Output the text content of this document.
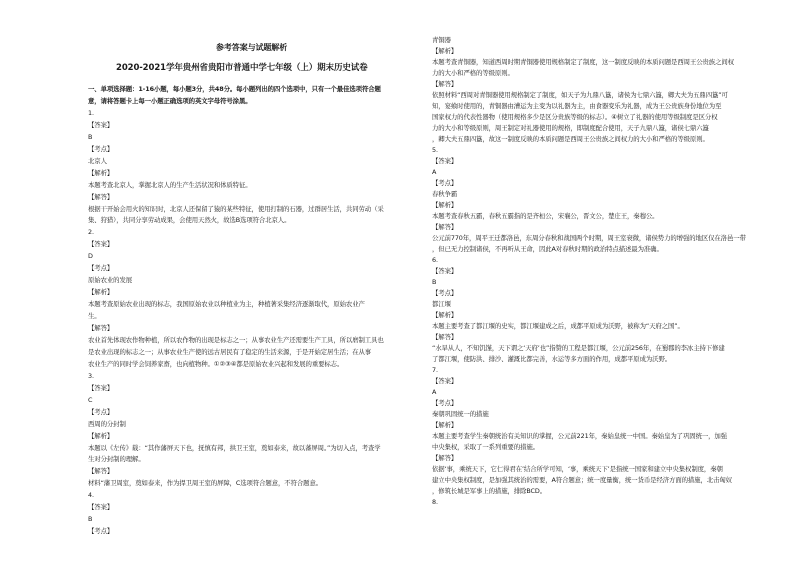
参考答案与试题解析
2020-2021学年贵州省贵阳市普通中学七年级（上）期末历史试卷
一、单项选择题：1-16小题，每小题3分，共48分。每小题列出的四个选项中，只有一个最佳选项符合题
意，请将答题卡上每一小题正确选项的英文字母符号涂黑。
1.
【答案】
B
【考点】
北京人
【解析】
本题考查北京人，掌握北京人的生产生活状况和体质特征。
【解答】
根据干开始会用火的知识时，北京人还保留了猿的某些特征，使用打制的石器，过群居生活，共同劳动（采
集、狩猎），共同分享劳动成果，会使用天然火，故选B选项符合北京人。
2.
【答案】
D
【考点】
原始农业的发展
【解析】
本题考查原始农业出现的标志，我国原始农业以种植业为主，种植著采集经济逐渐取代，原始农业产
生。
【解答】
农业首先体现农作物种植，所以农作物的出现是标志之一；从事农业生产还需要生产工具，所以磨制工具也
是农业出现的标志之一；从事农业生产使的远古居民有了稳定的生活来源，于是开始定居生活；在从事
农业生产的同时学会饲养家畜，也向植物种。①②③④都是原始农业兴起和发展的重要标志。
3.
【答案】
C
【考点】
西周的分封制
【解析】
本题以《左传》载：“其作藩屏天下也，抚慎有邦，拱卫王室，奠如泰来，故以蕃屏周。”为切入点，考查学
生对分封制的理解。
【解答】
材料“藩卫周室，奠如泰来，作为捍卫周王室的屏障，C选项符合题意，不符合题意。
4.
【答案】
B
【考点】
青铜器
【解析】
本题考查青铜器，知道西周时期青铜器使用规格制定了制度，这一制度反映的本质问题是西周王公贵族之间权
力的大小和严格的等级原则。
【解答】
依照材料“西周对青铜器使用规格制定了制度，如天子为九鼎八簋，诸侯为七鼎六簋，卿大夫为五鼎四簋”可
知，宴飨时使用的，青铜器由漕运为主变为以礼器为主，由食器变乐为礼器，成为王公贵族身份地位为至
国家权力的代表性器物（使用规格多少是区分贵族等级的标志）。④树立了礼器的使用等级制度是区分权
力的大小和等级原则，周王制定对礼器使用的规格，即制度配合使用，天子九鼎八簋，诸侯七鼎六簋
，卿大夫五鼎四簋，故这一制度反映的本质问题是西周王公贵族之间权力的大小和严格的等级原则。
5.
【答案】
A
【考点】
春秋争霸
【解析】
本题考查春秋五霸，春秋五霸指的是齐桓公，宋襄公，晋文公，楚庄王，秦穆公。
【解答】
公元前770年，周平王迁都洛邑，东周分春秋和战国两个时期，周王室衰微，诸侯势力的增强的地区仅在洛邑一带
，但已无力控制诸侯，不再听从王命，因此A对春秋时期的政治特点描述最为准确。
6.
【答案】
B
【考点】
都江堰
【解析】
本题主要考查了都江堰的史实，都江堰建成之后，成都平原成为沃野，被称为“天府之国”。
【解答】
“水旱从人，不知饥馑，天下谓之‘天府’也”指赞的工程是都江堰，公元前256年，在蜀郡的李冰主持下修建
了都江堰，使防洪、排沙、灌溉比都完善，水运等多方面的作用，成都平原成为沃野。
7.
【答案】
A
【考点】
秦朝巩固统一的措施
【解析】
本题主要考查学生秦朝统治有关知识的掌握，公元前221年，秦始皇统一中国。秦始皇为了巩固统一，加强
中央集权，采取了一系列重要的措施。
【解答】
依据‘事，乘统天下，它仁得君在’结合所学可知，‘事，乘统天下’是指统一国家和建立中央集权制度，秦朝
建立中央集权制度，是加强其统治的需要，A符合题意；统一度量衡，统一货币是经济方面的措施，北击匈奴
，修筑长城是军事上的措施，排除BCD。
8.
